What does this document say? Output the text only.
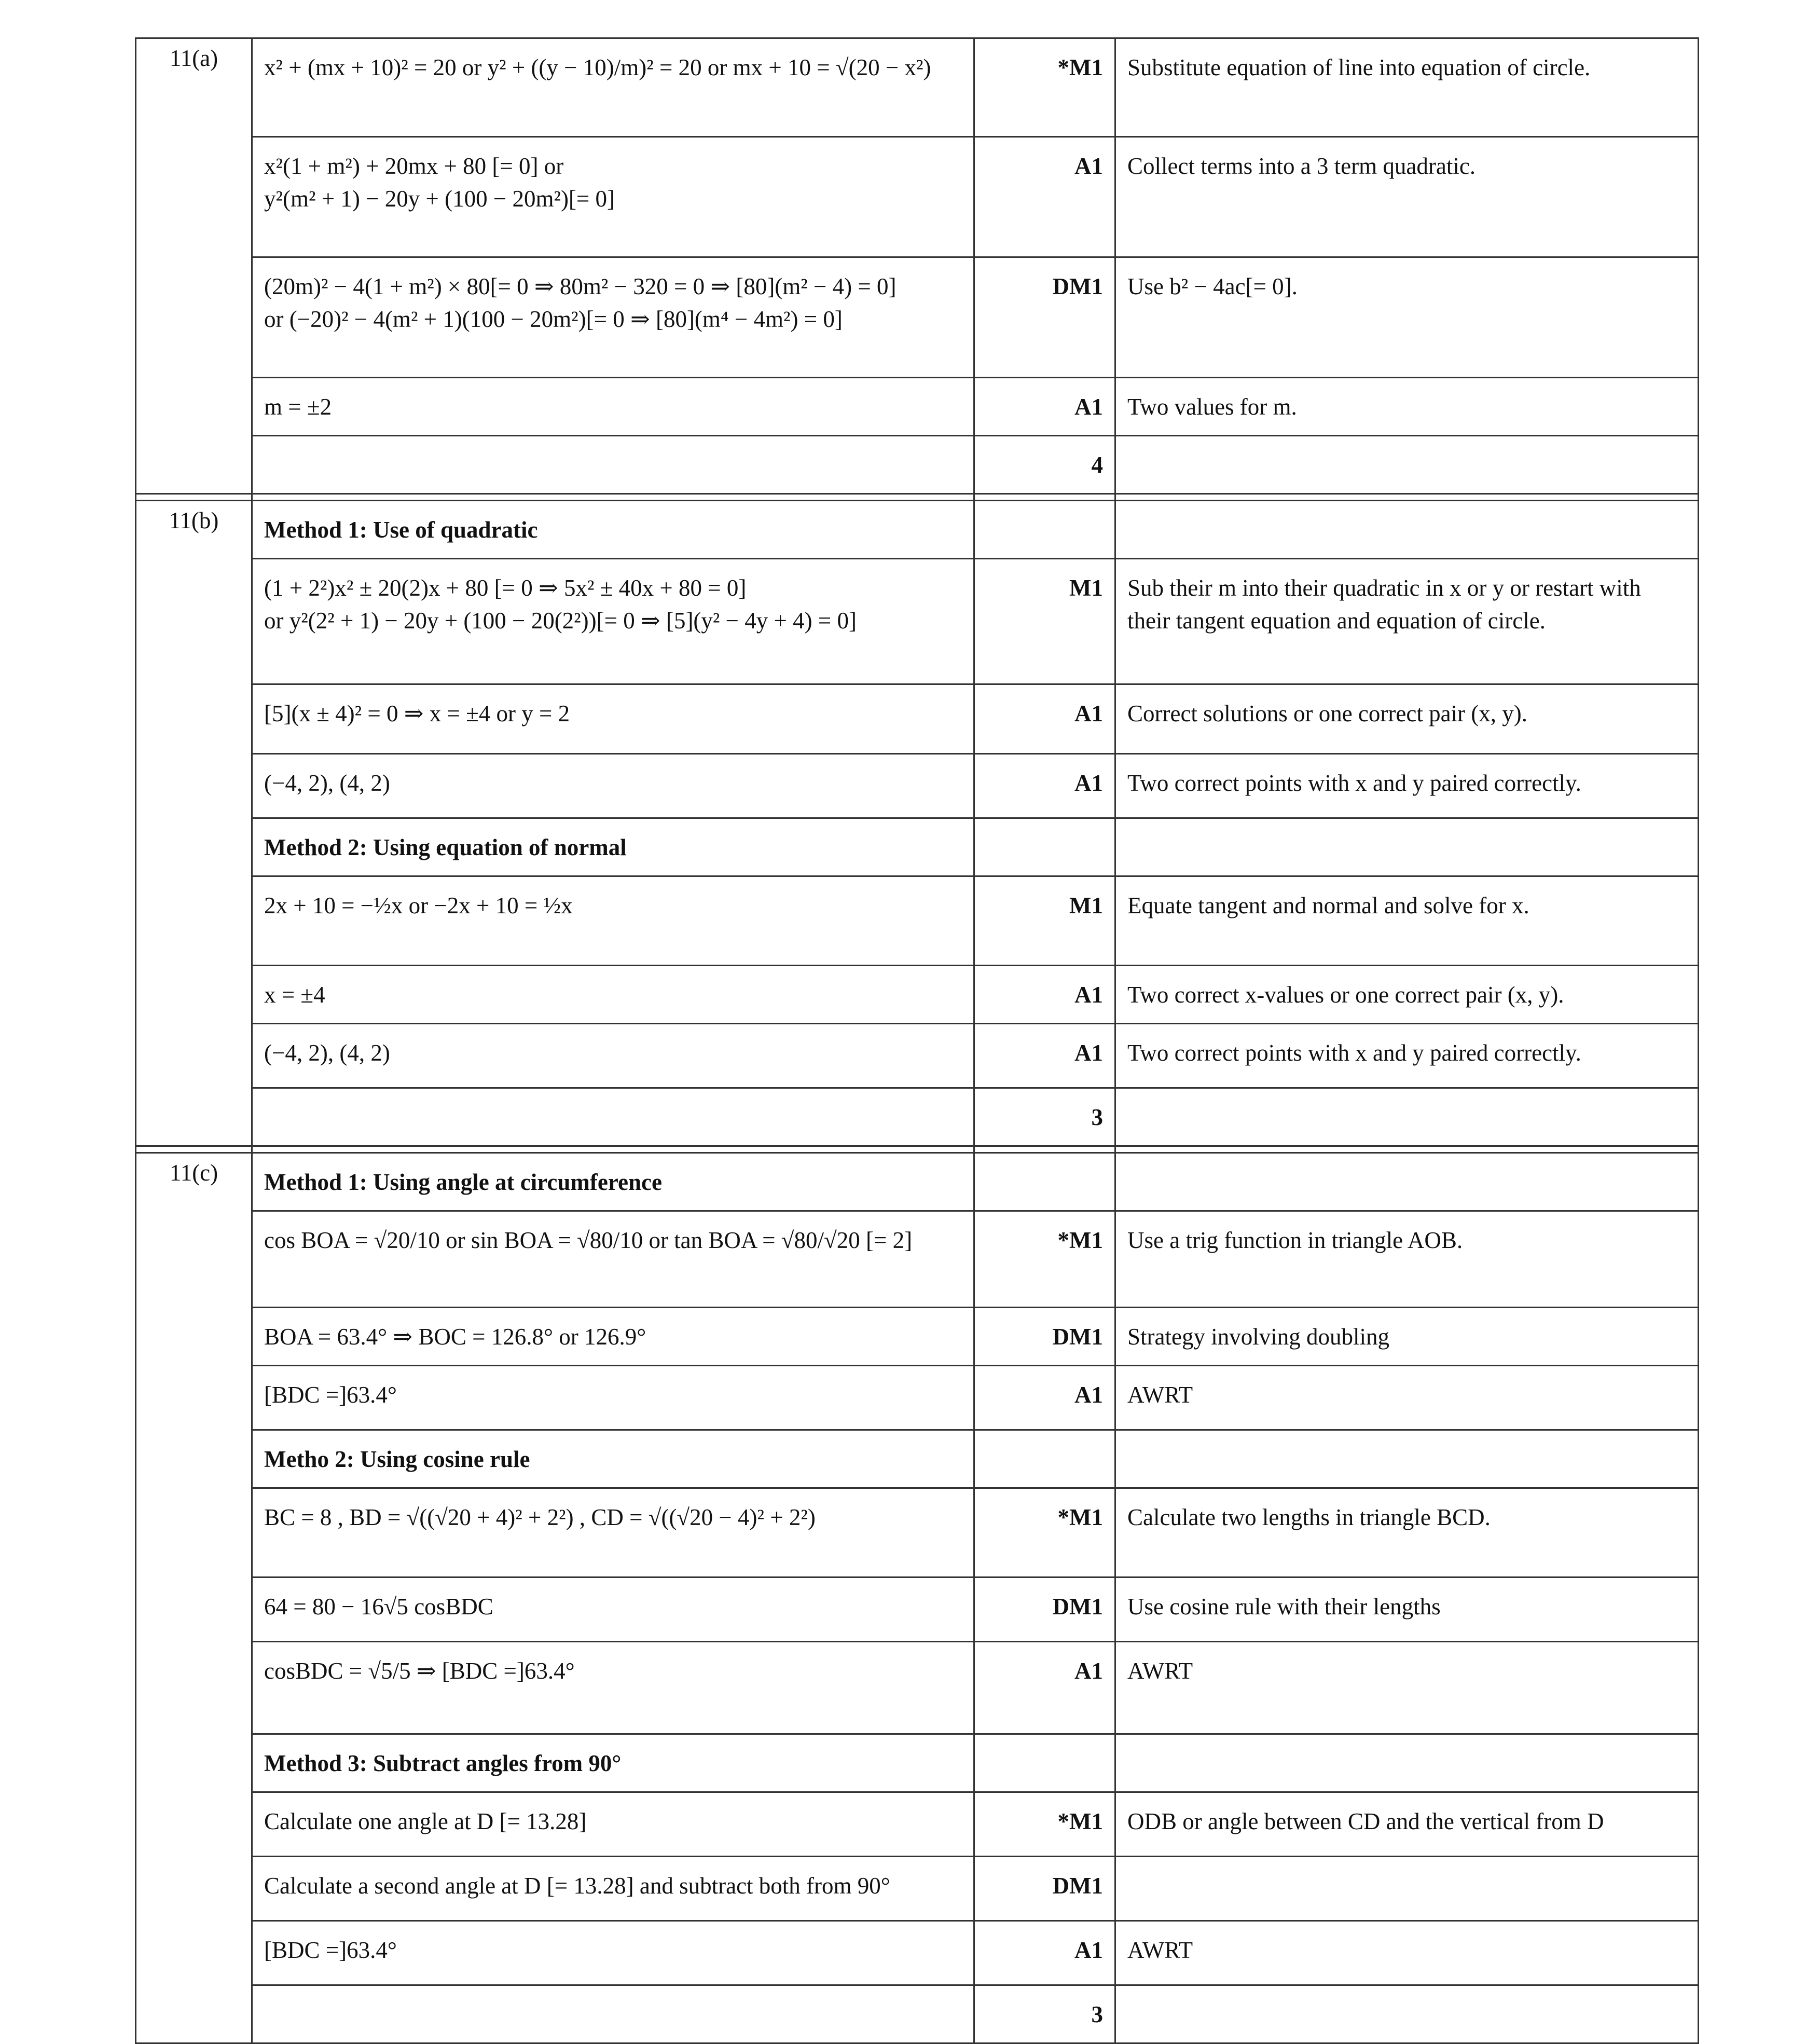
11(a)	x² + (mx + 10)² = 20 or y² + ((y − 10)/m)² = 20 or mx + 10 = √(20 − x²)	*M1	Substitute equation of line into equation of circle.
	x²(1 + m²) + 20mx + 80 [= 0] or
y²(m² + 1) − 20y + (100 − 20m²)[= 0]	A1	Collect terms into a 3 term quadratic.
	(20m)² − 4(1 + m²) × 80[= 0 ⇒ 80m² − 320 = 0 ⇒ [80](m² − 4) = 0]
or (−20)² − 4(m² + 1)(100 − 20m²)[= 0 ⇒ [80](m⁴ − 4m²) = 0]	DM1	Use b² − 4ac[= 0].
	m = ±2	A1	Two values for m.
		4	

11(b)	Method 1: Use of quadratic		
	(1 + 2²)x² ± 20(2)x + 80 [= 0 ⇒ 5x² ± 40x + 80 = 0]
or y²(2² + 1) − 20y + (100 − 20(2²))[= 0 ⇒ [5](y² − 4y + 4) = 0]	M1	Sub their m into their quadratic in x or y or restart with their tangent equation and equation of circle.
	[5](x ± 4)² = 0 ⇒ x = ±4 or y = 2	A1	Correct solutions or one correct pair (x, y).
	(−4, 2), (4, 2)	A1	Two correct points with x and y paired correctly.
	Method 2: Using equation of normal		
	2x + 10 = −½x or −2x + 10 = ½x	M1	Equate tangent and normal and solve for x.
	x = ±4	A1	Two correct x-values or one correct pair (x, y).
	(−4, 2), (4, 2)	A1	Two correct points with x and y paired correctly.
		3	

11(c)	Method 1: Using angle at circumference		
	cos BOA = √20/10 or sin BOA = √80/10 or tan BOA = √80/√20 [= 2]	*M1	Use a trig function in triangle AOB.
	BOA = 63.4° ⇒ BOC = 126.8° or 126.9°	DM1	Strategy involving doubling
	[BDC =]63.4°	A1	AWRT
	Metho 2: Using cosine rule		
	BC = 8 , BD = √((√20 + 4)² + 2²) , CD = √((√20 − 4)² + 2²)	*M1	Calculate two lengths in triangle BCD.
	64 = 80 − 16√5 cosBDC	DM1	Use cosine rule with their lengths
	cosBDC = √5/5 ⇒ [BDC =]63.4°	A1	AWRT
	Method 3: Subtract angles from 90°		
	Calculate one angle at D [= 13.28]	*M1	ODB or angle between CD and the vertical from D
	Calculate a second angle at D [= 13.28] and subtract both from 90°	DM1	
	[BDC =]63.4°	A1	AWRT
		3	
